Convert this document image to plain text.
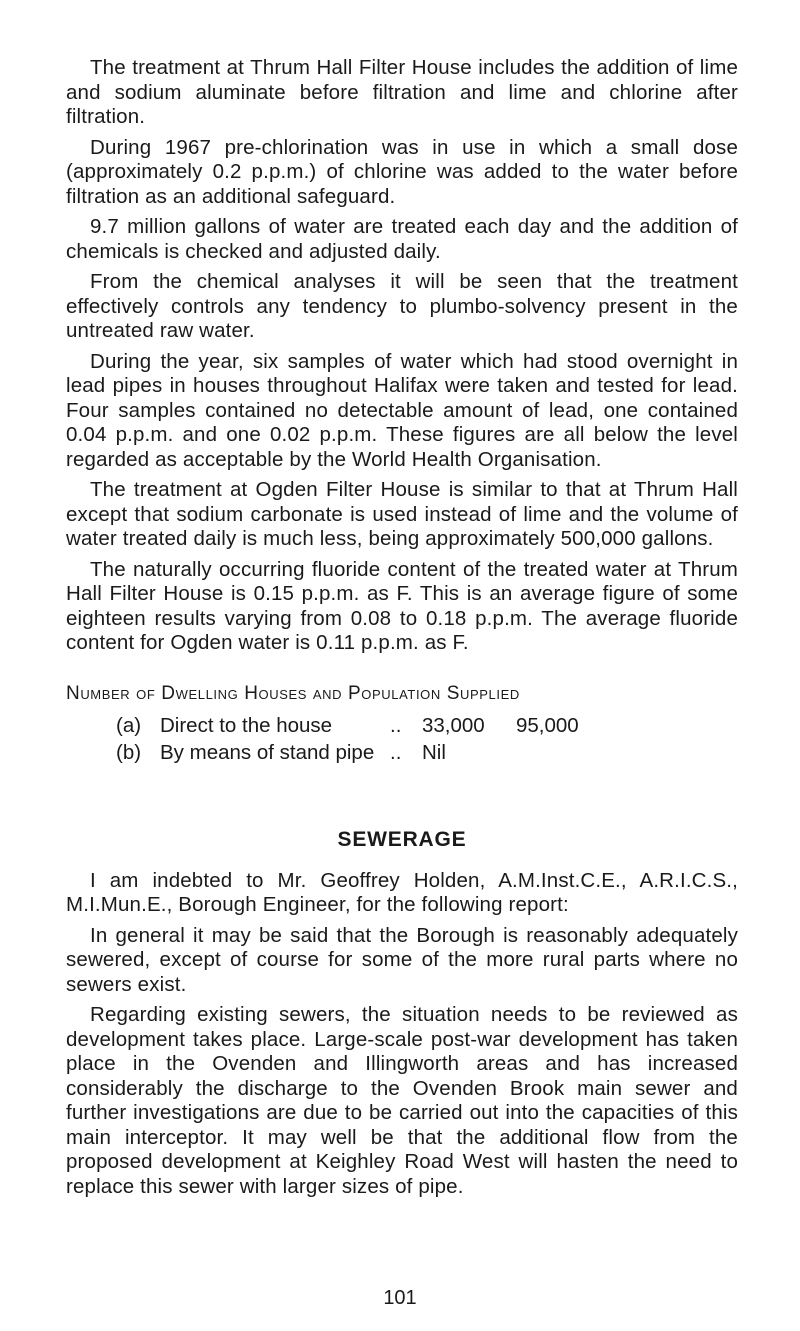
The treatment at Thrum Hall Filter House includes the addition of lime and sodium aluminate before filtration and lime and chlorine after filtration.

During 1967 pre-chlorination was in use in which a small dose (approximately 0.2 p.p.m.) of chlorine was added to the water before filtration as an additional safeguard.

9.7 million gallons of water are treated each day and the addition of chemicals is checked and adjusted daily.

From the chemical analyses it will be seen that the treatment effectively controls any tendency to plumbo-solvency present in the untreated raw water.

During the year, six samples of water which had stood overnight in lead pipes in houses throughout Halifax were taken and tested for lead. Four samples contained no detectable amount of lead, one contained 0.04 p.p.m. and one 0.02 p.p.m. These figures are all below the level regarded as acceptable by the World Health Organisation.

The treatment at Ogden Filter House is similar to that at Thrum Hall except that sodium carbonate is used instead of lime and the volume of water treated daily is much less, being approximately 500,000 gallons.

The naturally occurring fluoride content of the treated water at Thrum Hall Filter House is 0.15 p.p.m. as F. This is an average figure of some eighteen results varying from 0.08 to 0.18 p.p.m. The average fluoride content for Ogden water is 0.11 p.p.m. as F.

Number of Dwelling Houses and Population Supplied

(a) Direct to the house	..	33,000	95,000
(b) By means of stand pipe ..	Nil

SEWERAGE

I am indebted to Mr. Geoffrey Holden, A.M.Inst.C.E., A.R.I.C.S., M.I.Mun.E., Borough Engineer, for the following report:

In general it may be said that the Borough is reasonably adequately sewered, except of course for some of the more rural parts where no sewers exist.

Regarding existing sewers, the situation needs to be reviewed as development takes place. Large-scale post-war development has taken place in the Ovenden and Illingworth areas and has increased considerably the discharge to the Ovenden Brook main sewer and further investigations are due to be carried out into the capacities of this main interceptor. It may well be that the additional flow from the proposed development at Keighley Road West will hasten the need to replace this sewer with larger sizes of pipe.

101
